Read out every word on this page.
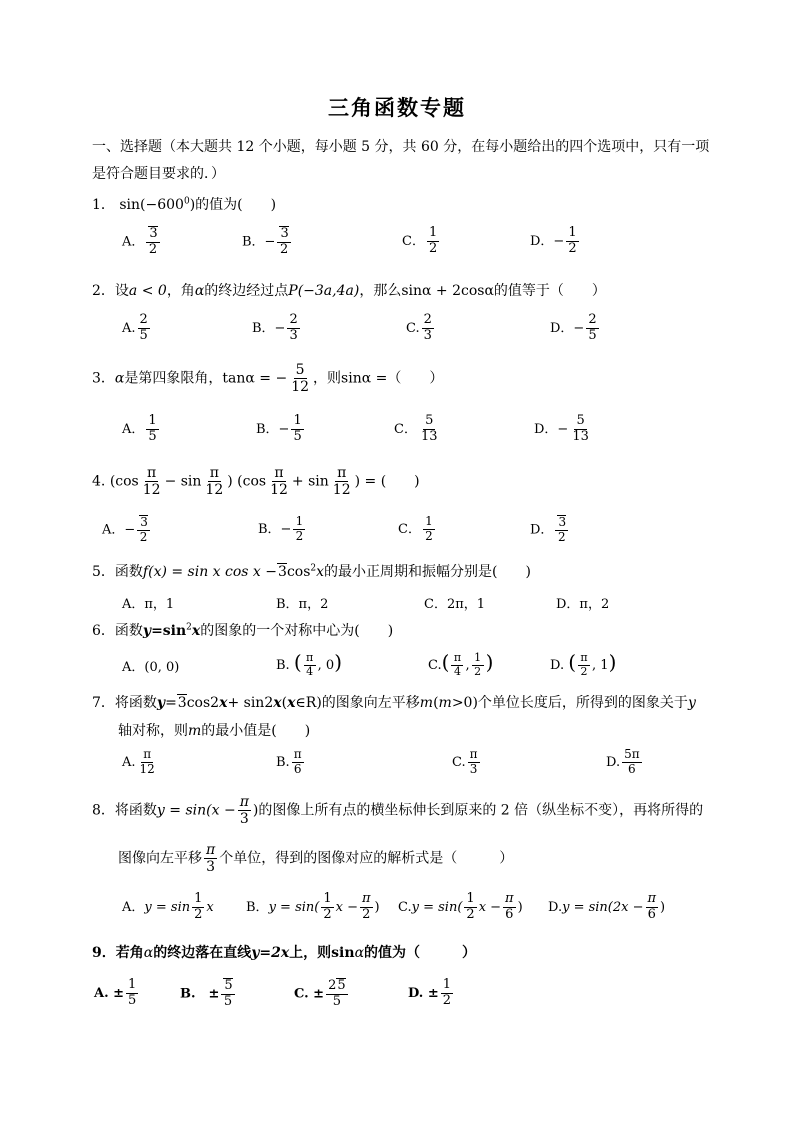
三角函数专题
一、选择题（本大题共 12 个小题，每小题 5 分，共 60 分，在每小题给出的四个选项中，只有一项
是符合题目要求的．）
1． $\sin(-600^0)$的值为(　　)
A． $\frac{3}{2}$	B．− $\frac{3}{2}$	C． $\frac{1}{2}$	D．− $\frac{1}{2}$
2．设a < 0，角α的终边经过点P(−3a,4a)，那么sinα + 2cosα的值等于（　　）
A. $\frac{2}{5}$	B．− $\frac{2}{3}$	C. $\frac{2}{3}$	D．− $\frac{2}{5}$
3．α是第四象限角，tanα = − $\frac{5}{12}$ ，则sinα =（　　）
A． $\frac{1}{5}$	B．− $\frac{1}{5}$	C． $\frac{5}{13}$	D．− $\frac{5}{13}$
4. ($\cos \frac{\pi}{12} - \sin \frac{\pi}{12}$ ) ($\cos \frac{\pi}{12} + \sin \frac{\pi}{12}$ ) = (　　)
A．− $\frac{3}{2}$	B．− $\frac{1}{2}$	C． $\frac{1}{2}$	D． $\frac{3}{2}$
5．函数f(x) = sin x $\cos x -3\cos^2x$的最小正周期和振幅分别是(　　)
A．π，1	B．π，2	C．2π，1	D．π，2
6．函数$y=\sin^2x$的图象的一个对称中心为(　　)
A．(0, 0)	B. ( $\frac{\pi}{4}$ , 0)	$C.( \frac{\pi}{4}$ , $\frac{1}{2}$ )	D. ( $\frac{\pi}{2}$ , 1)
7．将函数y=3cos2x+ sin2x(x∈R)的图象向左平移m(m>0)个单位长度后，所得到的图象关于y
轴对称，则m的最小值是(　　)
A. $\frac{\pi}{12}$	B. $\frac{\pi}{6}$	C. $\frac{\pi}{3}$	D. $\frac{5\pi}{6}$
8．将函数$y = \sin(x - \frac{\pi}{3}$ )的图像上所有点的横坐标伸长到原来的 2 倍（纵坐标不变），再将所得的
图像向左平移 $\frac{\pi}{3}$ 个单位，得到的图像对应的解析式是（　　　）
A．$y = \sin \frac{1}{2}$ x B．$y = \sin( \frac{1}{2}$ $x - \frac{\pi}{2}$ ) $C.y = \sin( \frac{1}{2}$ $x - \frac{\pi}{6}$ ) $D.y = \sin(2x - \frac{\pi}{6}$ )
9．若角α的终边落在直线y=2x上，则sinα的值为（　　　）
A. ± $\frac{1}{5}$	B.　± $\frac{5}{5}$	C. ± $\frac{25}{5}$	D. ± $\frac{1}{2}$
